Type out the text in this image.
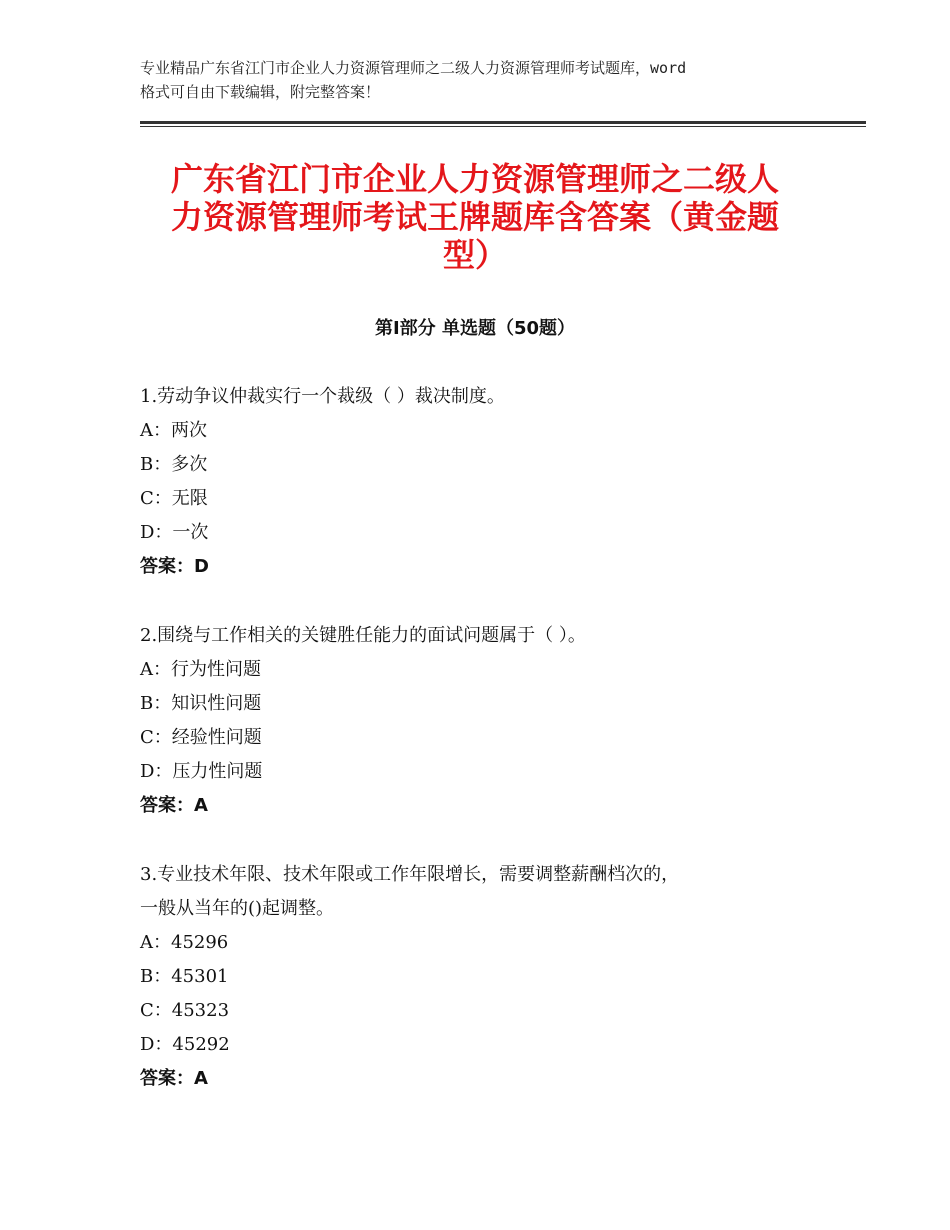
专业精品广东省江门市企业人力资源管理师之二级人力资源管理师考试题库，word
格式可自由下载编辑，附完整答案！
广东省江门市企业人力资源管理师之二级人
力资源管理师考试王牌题库含答案（黄金题
型）
第Ⅰ部分 单选题（50题）
1.劳动争议仲裁实行一个裁级（ ）裁决制度。
A：两次
B：多次
C：无限
D：一次
答案：D
2.围绕与工作相关的关键胜任能力的面试问题属于（ ）。
A：行为性问题
B：知识性问题
C：经验性问题
D：压力性问题
答案：A
3.专业技术年限、技术年限或工作年限增长，需要调整薪酬档次的，
一般从当年的()起调整。
A：45296
B：45301
C：45323
D：45292
答案：A
